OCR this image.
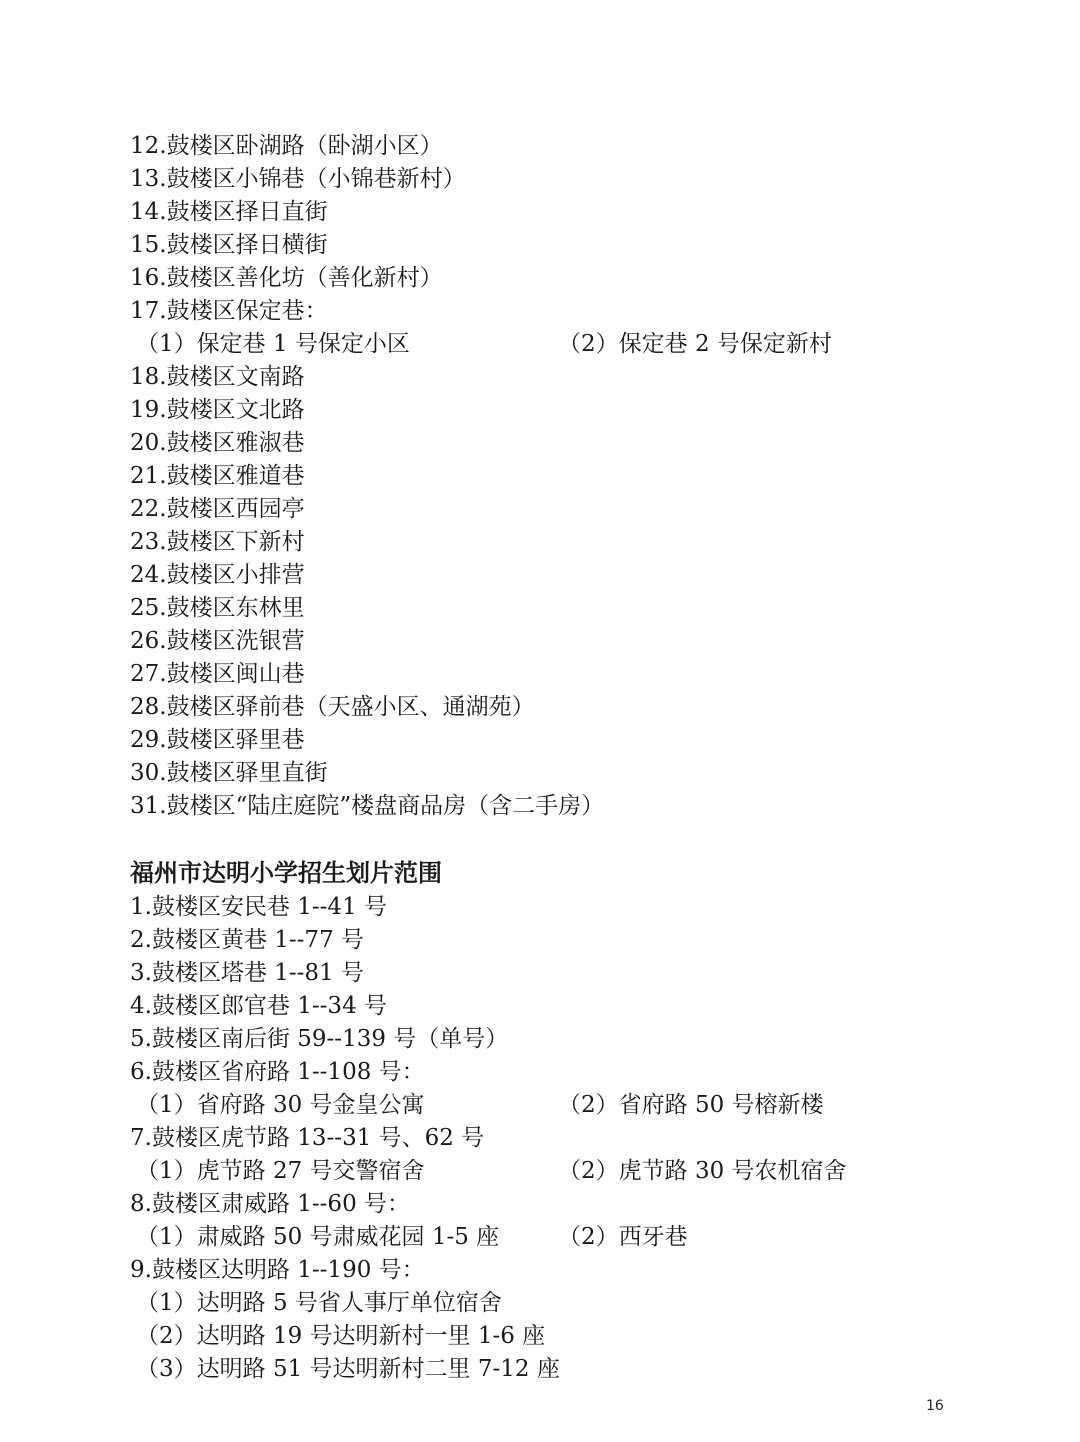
12.鼓楼区卧湖路（卧湖小区）
13.鼓楼区小锦巷（小锦巷新村）
14.鼓楼区择日直街
15.鼓楼区择日横街
16.鼓楼区善化坊（善化新村）
17.鼓楼区保定巷：
（1）保定巷 1 号保定小区	（2）保定巷 2 号保定新村
18.鼓楼区文南路
19.鼓楼区文北路
20.鼓楼区雅淑巷
21.鼓楼区雅道巷
22.鼓楼区西园亭
23.鼓楼区下新村
24.鼓楼区小排营
25.鼓楼区东林里
26.鼓楼区洗银营
27.鼓楼区闽山巷
28.鼓楼区驿前巷（天盛小区、通湖苑）
29.鼓楼区驿里巷
30.鼓楼区驿里直街
31.鼓楼区“陆庄庭院”楼盘商品房（含二手房）
福州市达明小学招生划片范围
1.鼓楼区安民巷 1--41 号
2.鼓楼区黄巷 1--77 号
3.鼓楼区塔巷 1--81 号
4.鼓楼区郎官巷 1--34 号
5.鼓楼区南后街 59--139 号（单号）
6.鼓楼区省府路 1--108 号：
（1）省府路 30 号金皇公寓	（2）省府路 50 号榕新楼
7.鼓楼区虎节路 13--31 号、62 号
（1）虎节路 27 号交警宿舍	（2）虎节路 30 号农机宿舍
8.鼓楼区肃威路 1--60 号：
（1）肃威路 50 号肃威花园 1-5 座	（2）西牙巷
9.鼓楼区达明路 1--190 号：
（1）达明路 5 号省人事厅单位宿舍
（2）达明路 19 号达明新村一里 1-6 座
（3）达明路 51 号达明新村二里 7-12 座
16
